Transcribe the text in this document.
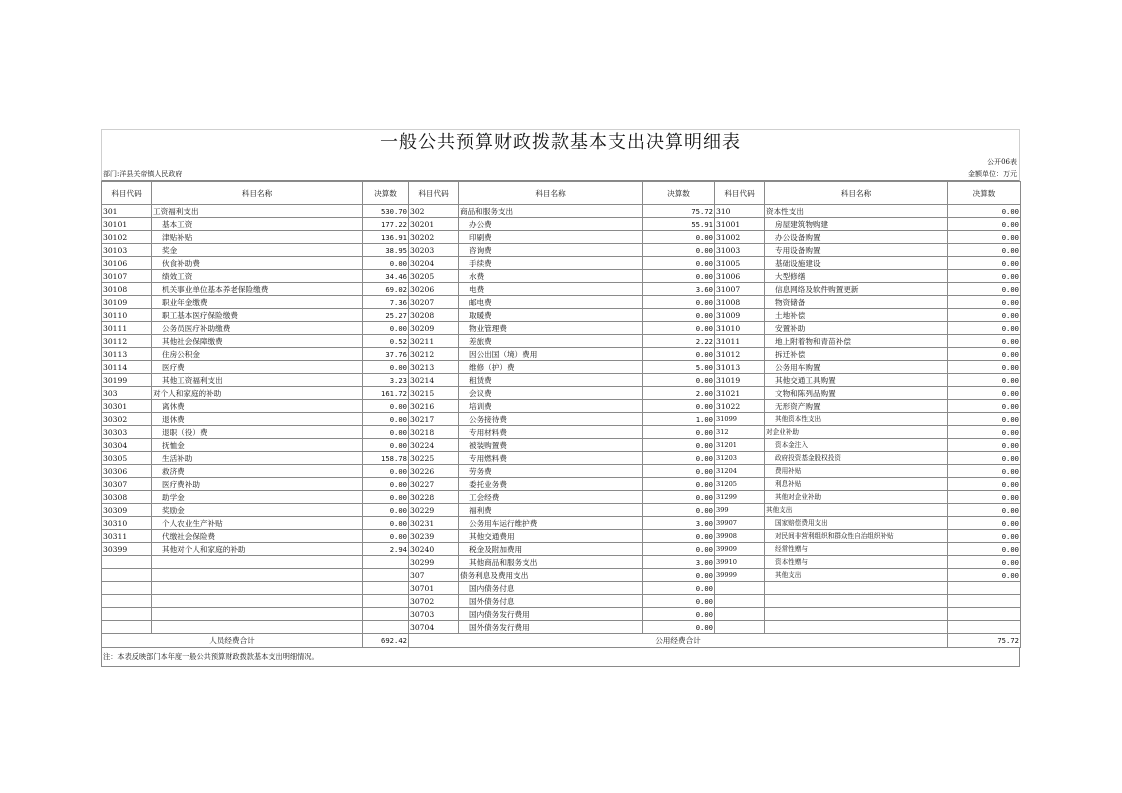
一般公共预算财政拨款基本支出决算明细表
公开06表
部门:洋县关帝镇人民政府	金额单位：万元
科目代码	科目名称	决算数	科目代码	科目名称	决算数	科目代码	科目名称	决算数
301	工资福利支出	530.70	302	商品和服务支出	75.72	310	资本性支出	0.00
30101	基本工资	177.22	30201	办公费	55.91	31001	房屋建筑物购建	0.00
30102	津贴补贴	136.91	30202	印刷费	0.00	31002	办公设备购置	0.00
30103	奖金	38.95	30203	咨询费	0.00	31003	专用设备购置	0.00
30106	伙食补助费	0.00	30204	手续费	0.00	31005	基础设施建设	0.00
30107	绩效工资	34.46	30205	水费	0.00	31006	大型修缮	0.00
30108	机关事业单位基本养老保险缴费	69.02	30206	电费	3.60	31007	信息网络及软件购置更新	0.00
30109	职业年金缴费	7.36	30207	邮电费	0.00	31008	物资储备	0.00
30110	职工基本医疗保险缴费	25.27	30208	取暖费	0.00	31009	土地补偿	0.00
30111	公务员医疗补助缴费	0.00	30209	物业管理费	0.00	31010	安置补助	0.00
30112	其他社会保障缴费	0.52	30211	差旅费	2.22	31011	地上附着物和青苗补偿	0.00
30113	住房公积金	37.76	30212	因公出国（境）费用	0.00	31012	拆迁补偿	0.00
30114	医疗费	0.00	30213	维修（护）费	5.00	31013	公务用车购置	0.00
30199	其他工资福利支出	3.23	30214	租赁费	0.00	31019	其他交通工具购置	0.00
303	对个人和家庭的补助	161.72	30215	会议费	2.00	31021	文物和陈列品购置	0.00
30301	离休费	0.00	30216	培训费	0.00	31022	无形资产购置	0.00
30302	退休费	0.00	30217	公务接待费	1.00	31099	其他资本性支出	0.00
30303	退职（役）费	0.00	30218	专用材料费	0.00	312	对企业补助	0.00
30304	抚恤金	0.00	30224	被装购置费	0.00	31201	资本金注入	0.00
30305	生活补助	158.78	30225	专用燃料费	0.00	31203	政府投资基金股权投资	0.00
30306	救济费	0.00	30226	劳务费	0.00	31204	费用补贴	0.00
30307	医疗费补助	0.00	30227	委托业务费	0.00	31205	利息补贴	0.00
30308	助学金	0.00	30228	工会经费	0.00	31299	其他对企业补助	0.00
30309	奖励金	0.00	30229	福利费	0.00	399	其他支出	0.00
30310	个人农业生产补贴	0.00	30231	公务用车运行维护费	3.00	39907	国家赔偿费用支出	0.00
30311	代缴社会保险费	0.00	30239	其他交通费用	0.00	39908	对民间非营利组织和群众性自治组织补贴	0.00
30399	其他对个人和家庭的补助	2.94	30240	税金及附加费用	0.00	39909	经常性赠与	0.00
			30299	其他商品和服务支出	3.00	39910	资本性赠与	0.00
			307	债务利息及费用支出	0.00	39999	其他支出	0.00
			30701	国内债务付息	0.00			
			30702	国外债务付息	0.00			
			30703	国内债务发行费用	0.00			
			30704	国外债务发行费用	0.00			
人员经费合计		692.42	公用经费合计					75.72
注：本表反映部门本年度一般公共预算财政拨款基本支出明细情况。
